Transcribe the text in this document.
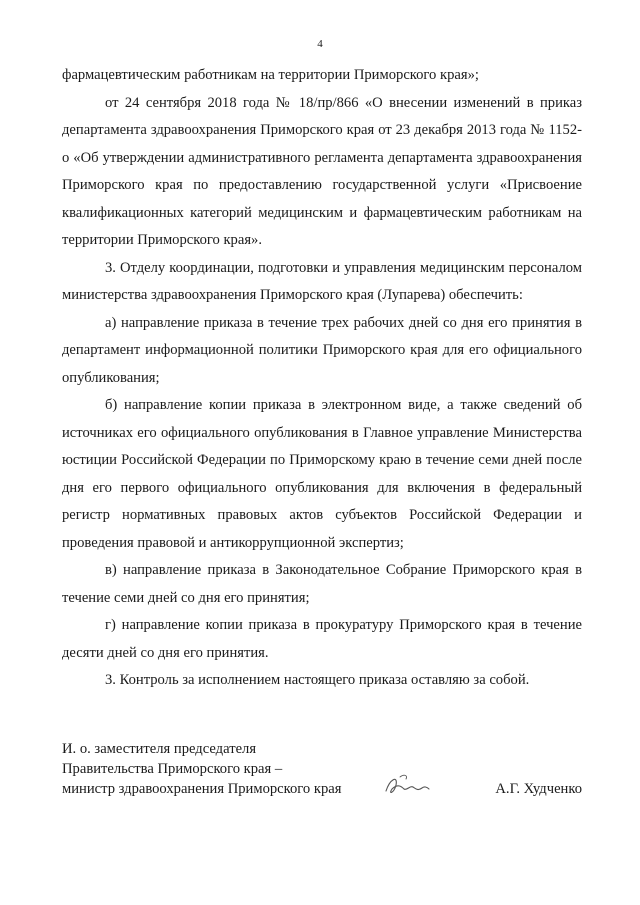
4

фармацевтическим работникам на территории Приморского края»;

от 24 сентября 2018 года № 18/пр/866 «О внесении изменений в приказ департамента здравоохранения Приморского края от 23 декабря 2013 года № 1152-о «Об утверждении административного регламента департамента здравоохранения Приморского края по предоставлению государственной услуги «Присвоение квалификационных категорий медицинским и фармацевтическим работникам на территории Приморского края».

3. Отделу координации, подготовки и управления медицинским персоналом министерства здравоохранения Приморского края (Лупарева) обеспечить:

а) направление приказа в течение трех рабочих дней со дня его принятия в департамент информационной политики Приморского края для его официального опубликования;

б) направление копии приказа в электронном виде, а также сведений об источниках его официального опубликования в Главное управление Министерства юстиции Российской Федерации по Приморскому краю в течение семи дней после дня его первого официального опубликования для включения в федеральный регистр нормативных правовых актов субъектов Российской Федерации и проведения правовой и антикоррупционной экспертиз;

в) направление приказа в Законодательное Собрание Приморского края в течение семи дней со дня его принятия;

г) направление копии приказа в прокуратуру Приморского края в течение десяти дней со дня его принятия.

3. Контроль за исполнением настоящего приказа оставляю за собой.

И. о. заместителя председателя
Правительства Приморского края –
министр здравоохранения Приморского края	А.Г. Худченко
